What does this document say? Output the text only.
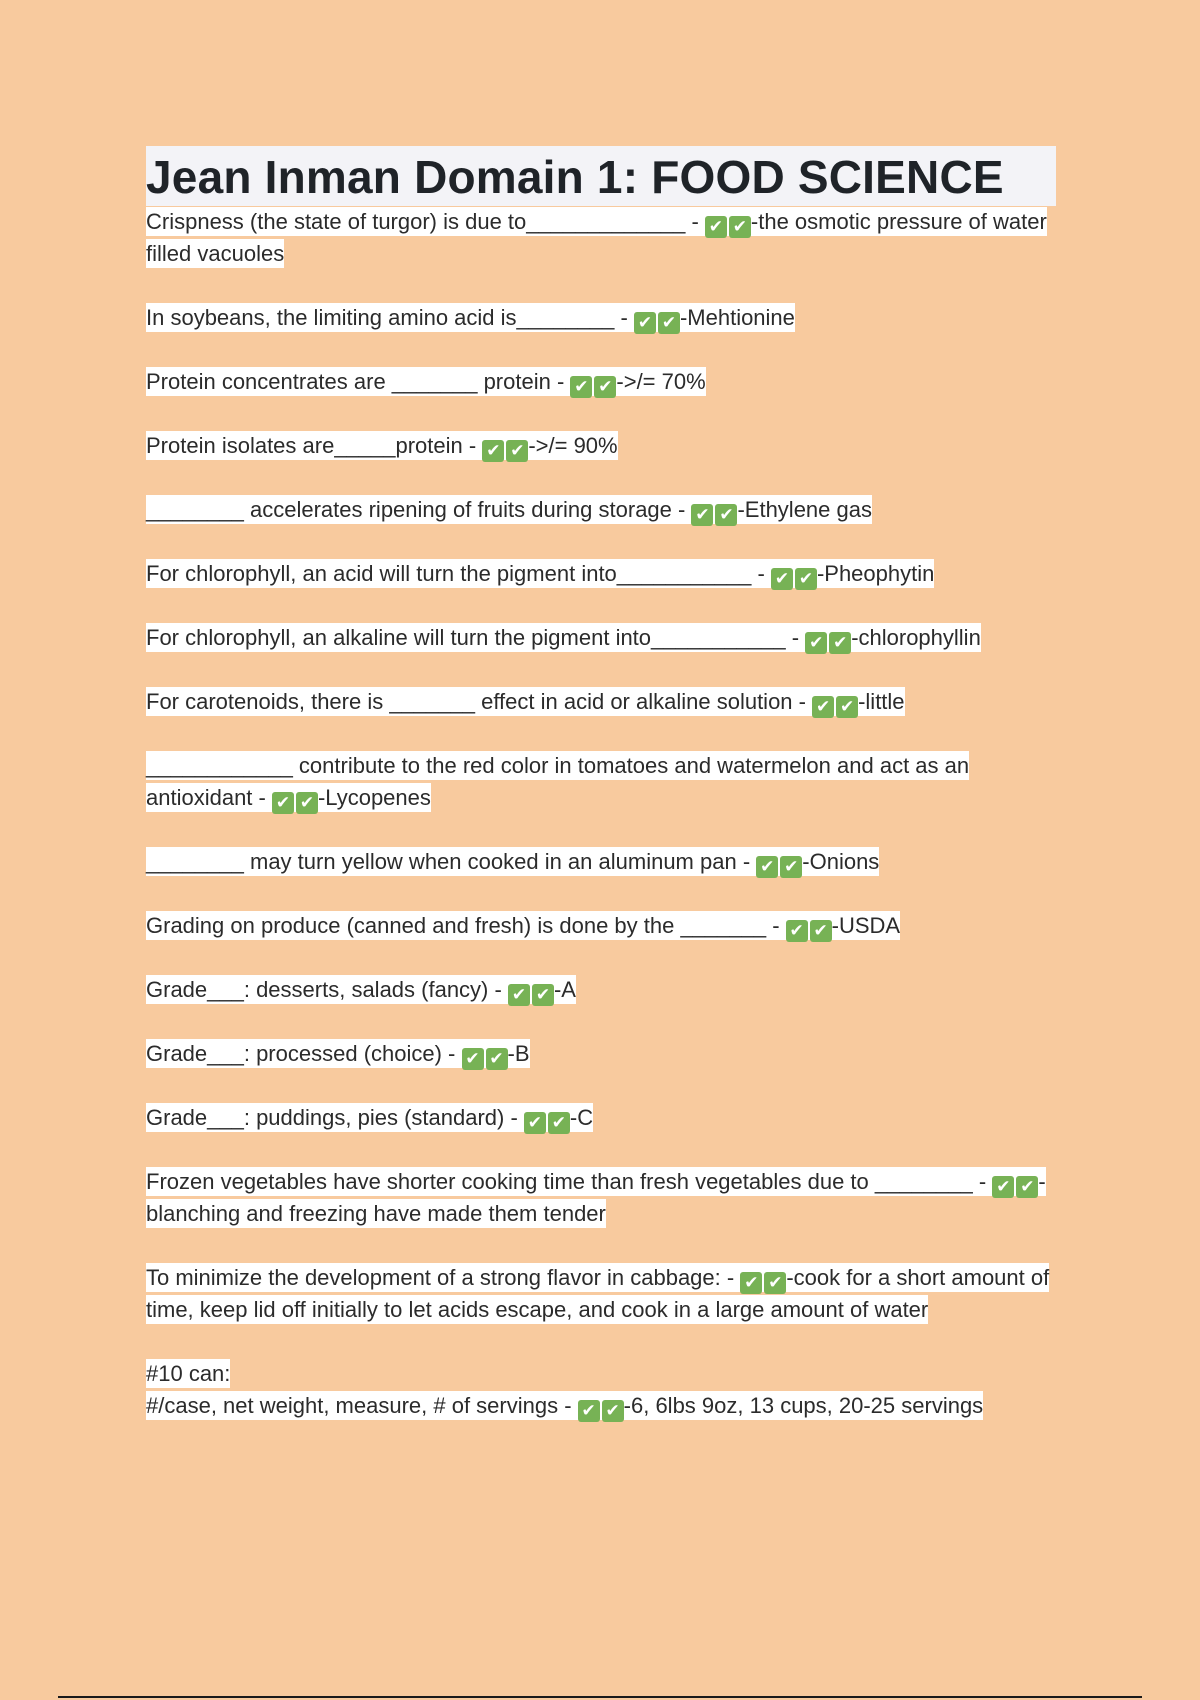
Jean Inman Domain 1: FOOD SCIENCE

Crispness (the state of turgor) is due to_____________ - ✔ ✔ -the osmotic pressure of water filled vacuoles

In soybeans, the limiting amino acid is________ - ✔ ✔ -Mehtionine

Protein concentrates are _______ protein - ✔ ✔ ->/= 70%

Protein isolates are_____protein - ✔ ✔ ->/= 90%

________ accelerates ripening of fruits during storage - ✔ ✔ -Ethylene gas

For chlorophyll, an acid will turn the pigment into___________ - ✔ ✔ -Pheophytin

For chlorophyll, an alkaline will turn the pigment into___________ - ✔ ✔ -chlorophyllin

For carotenoids, there is _______ effect in acid or alkaline solution - ✔ ✔ -little

____________ contribute to the red color in tomatoes and watermelon and act as an antioxidant - ✔ ✔ -Lycopenes

________ may turn yellow when cooked in an aluminum pan - ✔ ✔ -Onions

Grading on produce (canned and fresh) is done by the _______ - ✔ ✔ -USDA

Grade___: desserts, salads (fancy) - ✔ ✔ -A

Grade___: processed (choice) - ✔ ✔ -B

Grade___: puddings, pies (standard) - ✔ ✔ -C

Frozen vegetables have shorter cooking time than fresh vegetables due to ________ - ✔ ✔ -blanching and freezing have made them tender

To minimize the development of a strong flavor in cabbage: - ✔ ✔ -cook for a short amount of time, keep lid off initially to let acids escape, and cook in a large amount of water

#10 can:
#/case, net weight, measure, # of servings - ✔ ✔ -6, 6lbs 9oz, 13 cups, 20-25 servings
